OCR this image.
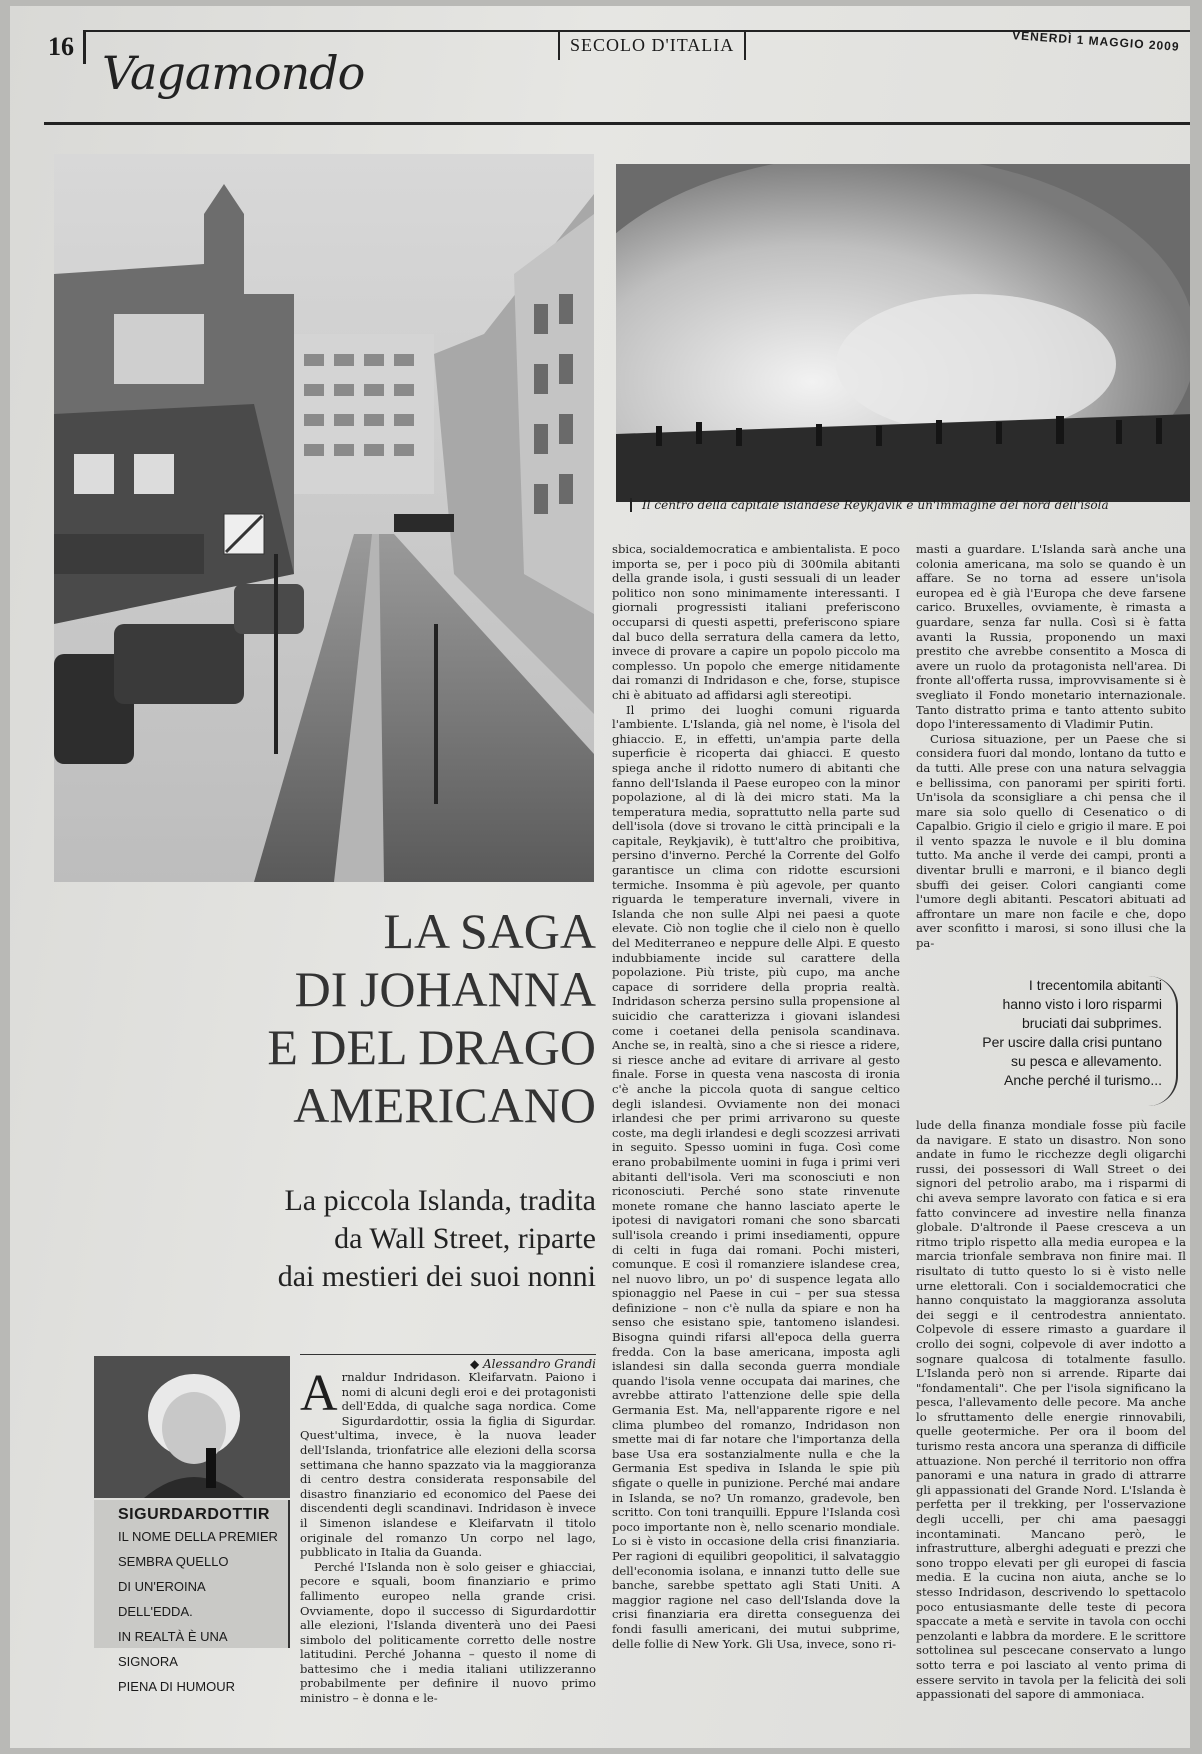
16 Vagamondo
SECOLO D'ITALIA	VENERDÌ 1 MAGGIO 2009
Il centro della capitale islandese Reykjavik e un'immagine del nord dell'isola
LA SAGA
DI JOHANNA
E DEL DRAGO
AMERICANO
La piccola Islanda, tradita
da Wall Street, riparte
dai mestieri dei suoi nonni
◆ Alessandro Grandi
SIGURDARDOTTIR
IL NOME DELLA PREMIER
SEMBRA QUELLO
DI UN'EROINA DELL'EDDA.
IN REALTÀ È UNA SIGNORA
PIENA DI HUMOUR

Arnaldur Indridason. Kleifarvatn. Paiono i nomi di alcuni degli eroi e dei protagonisti dell'Edda, di qualche saga nordica. Come Sigurdardottir, ossia la figlia di Sigurdar. Quest'ultima, invece, è la nuova leader dell'Islanda, trionfatrice alle elezioni della scorsa settimana che hanno spazzato via la maggioranza di centro destra considerata responsabile del disastro finanziario ed economico del Paese dei discendenti degli scandinavi. Indridason è invece il Simenon islandese e Kleifarvatn il titolo originale del romanzo Un corpo nel lago, pubblicato in Italia da Guanda.

Perché l'Islanda non è solo geiser e ghiacciai, pecore e squali, boom finanziario e primo fallimento europeo nella grande crisi. Ovviamente, dopo il successo di Sigurdardottir alle elezioni, l'Islanda diventerà uno dei Paesi simbolo del politicamente corretto delle nostre latitudini. Perché Johanna – questo il nome di battesimo che i media italiani utilizzeranno probabilmente per definire il nuovo primo ministro – è donna e le-

sbica, socialdemocratica e ambientalista. E poco importa se, per i poco più di 300mila abitanti della grande isola, i gusti sessuali di un leader politico non sono minimamente interessanti. I giornali progressisti italiani preferiscono occuparsi di questi aspetti, preferiscono spiare dal buco della serratura della camera da letto, invece di provare a capire un popolo piccolo ma complesso. Un popolo che emerge nitidamente dai romanzi di Indridason e che, forse, stupisce chi è abituato ad affidarsi agli stereotipi.

Il primo dei luoghi comuni riguarda l'ambiente. L'Islanda, già nel nome, è l'isola del ghiaccio. E, in effetti, un'ampia parte della superficie è ricoperta dai ghiacci. E questo spiega anche il ridotto numero di abitanti che fanno dell'Islanda il Paese europeo con la minor popolazione, al di là dei micro stati. Ma la temperatura media, soprattutto nella parte sud dell'isola (dove si trovano le città principali e la capitale, Reykjavik), è tutt'altro che proibitiva, persino d'inverno. Perché la Corrente del Golfo garantisce un clima con ridotte escursioni termiche. Insomma è più agevole, per quanto riguarda le temperature invernali, vivere in Islanda che non sulle Alpi nei paesi a quote elevate. Ciò non toglie che il cielo non è quello del Mediterraneo e neppure delle Alpi. E questo indubbiamente incide sul carattere della popolazione. Più triste, più cupo, ma anche capace di sorridere della propria realtà. Indridason scherza persino sulla propensione al suicidio che caratterizza i giovani islandesi come i coetanei della penisola scandinava. Anche se, in realtà, sino a che si riesce a ridere, si riesce anche ad evitare di arrivare al gesto finale. Forse in questa vena nascosta di ironia c'è anche la piccola quota di sangue celtico degli islandesi. Ovviamente non dei monaci irlandesi che per primi arrivarono su queste coste, ma degli irlandesi e degli scozzesi arrivati in seguito. Spesso uomini in fuga. Così come erano probabilmente uomini in fuga i primi veri abitanti dell'isola. Veri ma sconosciuti e non riconosciuti. Perché sono state rinvenute monete romane che hanno lasciato aperte le ipotesi di navigatori romani che sono sbarcati sull'isola creando i primi insediamenti, oppure di celti in fuga dai romani. Pochi misteri, comunque. E così il romanziere islandese crea, nel nuovo libro, un po' di suspence legata allo spionaggio nel Paese in cui – per sua stessa definizione – non c'è nulla da spiare e non ha senso che esistano spie, tantomeno islandesi. Bisogna quindi rifarsi all'epoca della guerra fredda. Con la base americana, imposta agli islandesi sin dalla seconda guerra mondiale quando l'isola venne occupata dai marines, che avrebbe attirato l'attenzione delle spie della Germania Est. Ma, nell'apparente rigore e nel clima plumbeo del romanzo, Indridason non smette mai di far notare che l'importanza della base Usa era sostanzialmente nulla e che la Germania Est spediva in Islanda le spie più sfigate o quelle in punizione. Perché mai andare in Islanda, se no? Un romanzo, gradevole, ben scritto. Con toni tranquilli. Eppure l'Islanda così poco importante non è, nello scenario mondiale. Lo si è visto in occasione della crisi finanziaria. Per ragioni di equilibri geopolitici, il salvataggio dell'economia isolana, e innanzi tutto delle sue banche, sarebbe spettato agli Stati Uniti. A maggior ragione nel caso dell'Islanda dove la crisi finanziaria era diretta conseguenza dei fondi fasulli americani, dei mutui subprime, delle follie di New York. Gli Usa, invece, sono ri-

masti a guardare. L'Islanda sarà anche una colonia americana, ma solo se quando è un affare. Se no torna ad essere un'isola europea ed è già l'Europa che deve farsene carico. Bruxelles, ovviamente, è rimasta a guardare, senza far nulla. Così si è fatta avanti la Russia, proponendo un maxi prestito che avrebbe consentito a Mosca di avere un ruolo da protagonista nell'area. Di fronte all'offerta russa, improvvisamente si è svegliato il Fondo monetario internazionale. Tanto distratto prima e tanto attento subito dopo l'interessamento di Vladimir Putin.

Curiosa situazione, per un Paese che si considera fuori dal mondo, lontano da tutto e da tutti. Alle prese con una natura selvaggia e bellissima, con panorami per spiriti forti. Un'isola da sconsigliare a chi pensa che il mare sia solo quello di Cesenatico o di Capalbio. Grigio il cielo e grigio il mare. E poi il vento spazza le nuvole e il blu domina tutto. Ma anche il verde dei campi, pronti a diventar brulli e marroni, e il bianco degli sbuffi dei geiser. Colori cangianti come l'umore degli abitanti. Pescatori abituati ad affrontare un mare non facile e che, dopo aver sconfitto i marosi, si sono illusi che la pa-

I trecentomila abitanti
hanno visto i loro risparmi
bruciati dai subprimes.
Per uscire dalla crisi puntano
su pesca e allevamento.
Anche perché il turismo...

lude della finanza mondiale fosse più facile da navigare. E stato un disastro. Non sono andate in fumo le ricchezze degli oligarchi russi, dei possessori di Wall Street o dei signori del petrolio arabo, ma i risparmi di chi aveva sempre lavorato con fatica e si era fatto convincere ad investire nella finanza globale. D'altronde il Paese cresceva a un ritmo triplo rispetto alla media europea e la marcia trionfale sembrava non finire mai. Il risultato di tutto questo lo si è visto nelle urne elettorali. Con i socialdemocratici che hanno conquistato la maggioranza assoluta dei seggi e il centrodestra annientato. Colpevole di essere rimasto a guardare il crollo dei sogni, colpevole di aver indotto a sognare qualcosa di totalmente fasullo. L'Islanda però non si arrende. Riparte dai "fondamentali". Che per l'isola significano la pesca, l'allevamento delle pecore. Ma anche lo sfruttamento delle energie rinnovabili, quelle geotermiche. Per ora il boom del turismo resta ancora una speranza di difficile attuazione. Non perché il territorio non offra panorami e una natura in grado di attrarre gli appassionati del Grande Nord. L'Islanda è perfetta per il trekking, per l'osservazione degli uccelli, per chi ama paesaggi incontaminati. Mancano però, le infrastrutture, alberghi adeguati e prezzi che sono troppo elevati per gli europei di fascia media. E la cucina non aiuta, anche se lo stesso Indridason, descrivendo lo spettacolo poco entusiasmante delle teste di pecora spaccate a metà e servite in tavola con occhi penzolanti e labbra da mordere. E le scrittore sottolinea sul pescecane conservato a lungo sotto terra e poi lasciato al vento prima di essere servito in tavola per la felicità dei soli appassionati del sapore di ammoniaca.
